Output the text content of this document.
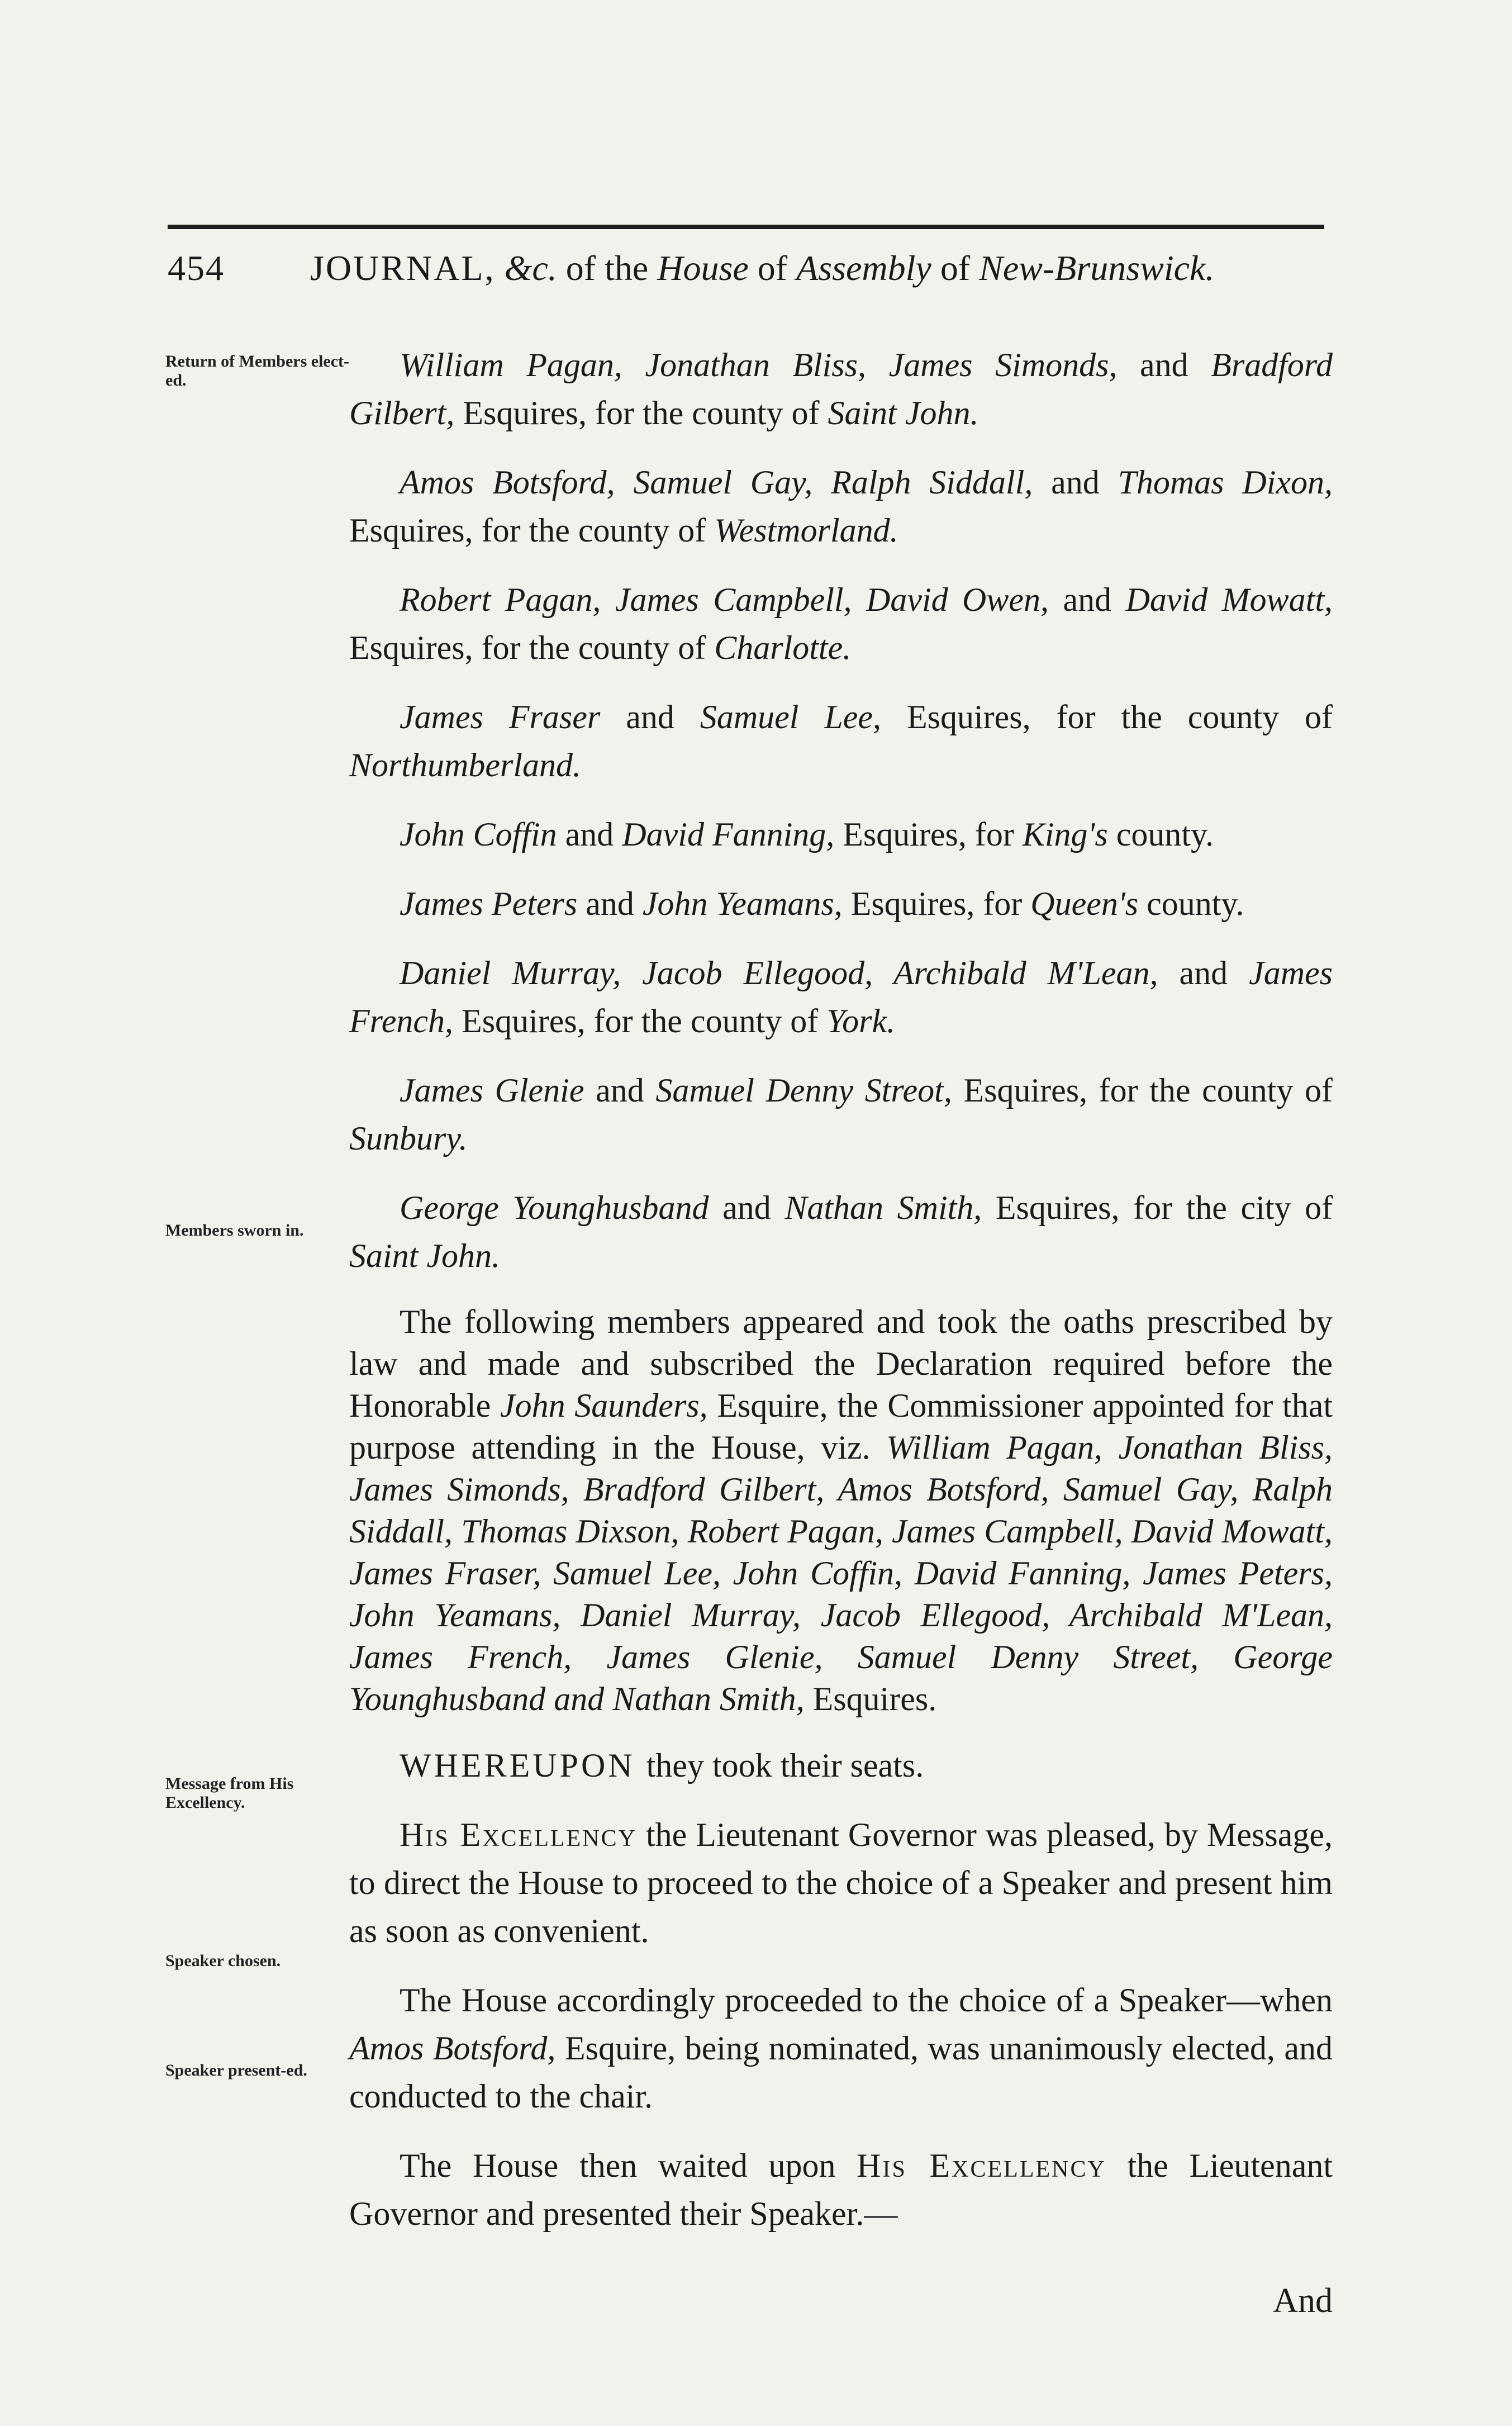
454 JOURNAL, &c. of the House of Assembly of New-Brunswick.
Return of Members elect-ed.
Members sworn in.
Message from His Excellency.
Speaker chosen.
Speaker present-ed.

William Pagan, Jonathan Bliss, James Simonds, and Bradford Gilbert, Esquires, for the county of Saint John.

Amos Botsford, Samuel Gay, Ralph Siddall, and Thomas Dixon, Esquires, for the county of Westmorland.

Robert Pagan, James Campbell, David Owen, and David Mowatt, Esquires, for the county of Charlotte.

James Fraser and Samuel Lee, Esquires, for the county of Northumberland.

John Coffin and David Fanning, Esquires, for King's county.

James Peters and John Yeamans, Esquires, for Queen's county.

Daniel Murray, Jacob Ellegood, Archibald M'Lean, and James French, Esquires, for the county of York.

James Glenie and Samuel Denny Streot, Esquires, for the county of Sunbury.

George Younghusband and Nathan Smith, Esquires, for the city of Saint John.

The following members appeared and took the oaths prescribed by law and made and subscribed the Declaration required before the Honorable John Saunders, Esquire, the Commissioner appointed for that purpose attending in the House, viz. William Pagan, Jonathan Bliss, James Simonds, Bradford Gilbert, Amos Botsford, Samuel Gay, Ralph Siddall, Thomas Dixson, Robert Pagan, James Campbell, David Mowatt, James Fraser, Samuel Lee, John Coffin, David Fanning, James Peters, John Yeamans, Daniel Murray, Jacob Ellegood, Archibald M'Lean, James French, James Glenie, Samuel Denny Street, George Younghusband and Nathan Smith, Esquires.

WHEREUPON they took their seats.

His Excellency the Lieutenant Governor was pleased, by Message, to direct the House to proceed to the choice of a Speaker and present him as soon as convenient.

The House accordingly proceeded to the choice of a Speaker—when Amos Botsford, Esquire, being nominated, was unanimously elected, and conducted to the chair.

The House then waited upon His Excellency the Lieutenant Governor and presented their Speaker.—

And
